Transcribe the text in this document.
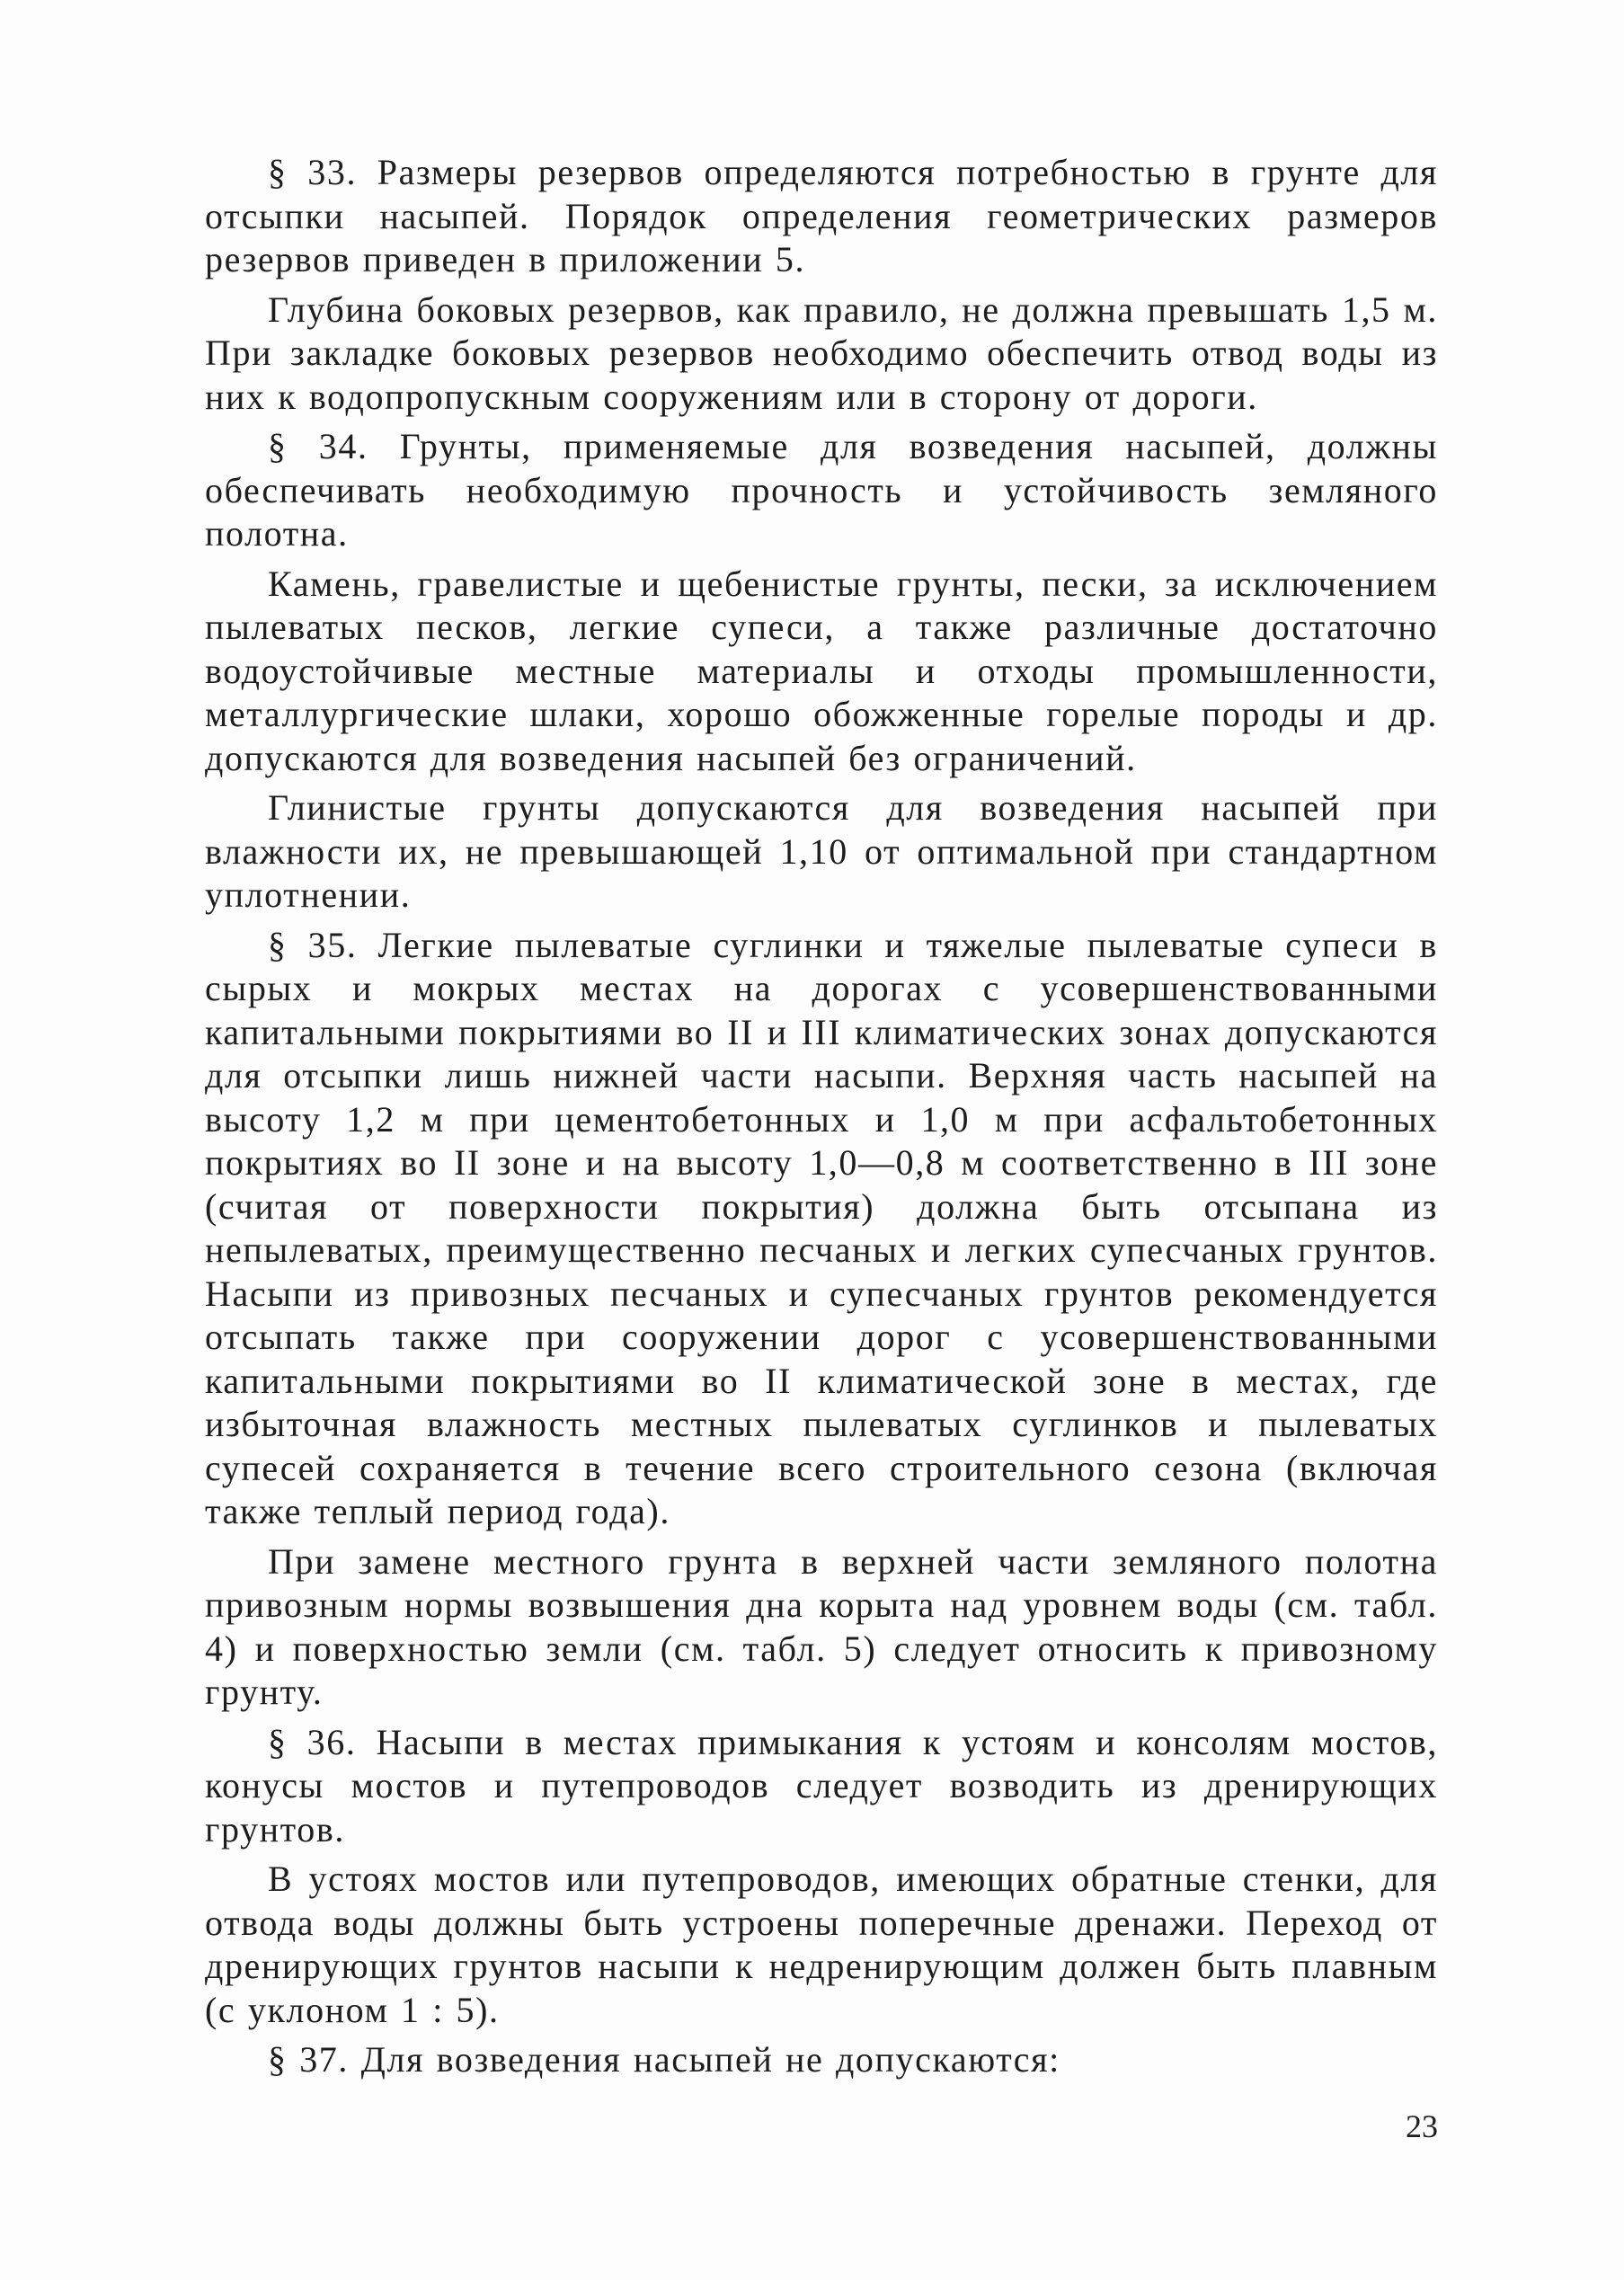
§ 33. Размеры резервов определяются потребностью в грунте для отсыпки насыпей. Порядок определения геометрических размеров резервов приведен в приложении 5.

Глубина боковых резервов, как правило, не должна превышать 1,5 м. При закладке боковых резервов необходимо обеспечить отвод воды из них к водопропускным сооружениям или в сторону от дороги.

§ 34. Грунты, применяемые для возведения насыпей, должны обеспечивать необходимую прочность и устойчивость земляного полотна.

Камень, гравелистые и щебенистые грунты, пески, за исключением пылеватых песков, легкие супеси, а также различные достаточно водоустойчивые местные материалы и отходы промышленности, металлургические шлаки, хорошо обожженные горелые породы и др. допускаются для возведения насыпей без ограничений.

Глинистые грунты допускаются для возведения насыпей при влажности их, не превышающей 1,10 от оптимальной при стандартном уплотнении.

§ 35. Легкие пылеватые суглинки и тяжелые пылеватые супеси в сырых и мокрых местах на дорогах с усовершенствованными капитальными покрытиями во II и III климатических зонах допускаются для отсыпки лишь нижней части насыпи. Верхняя часть насыпей на высоту 1,2 м при цементобетонных и 1,0 м при асфальтобетонных покрытиях во II зоне и на высоту 1,0—0,8 м соответственно в III зоне (считая от поверхности покрытия) должна быть отсыпана из непылеватых, преимущественно песчаных и легких супесчаных грунтов. Насыпи из привозных песчаных и супесчаных грунтов рекомендуется отсыпать также при сооружении дорог с усовершенствованными капитальными покрытиями во II климатической зоне в местах, где избыточная влажность местных пылеватых суглинков и пылеватых супесей сохраняется в течение всего строительного сезона (включая также теплый период года).

При замене местного грунта в верхней части земляного полотна привозным нормы возвышения дна корыта над уровнем воды (см. табл. 4) и поверхностью земли (см. табл. 5) следует относить к привозному грунту.

§ 36. Насыпи в местах примыкания к устоям и консолям мостов, конусы мостов и путепроводов следует возводить из дренирующих грунтов.

В устоях мостов или путепроводов, имеющих обратные стенки, для отвода воды должны быть устроены поперечные дренажи. Переход от дренирующих грунтов насыпи к недренирующим должен быть плавным (с уклоном 1 : 5).

§ 37. Для возведения насыпей не допускаются:

23
